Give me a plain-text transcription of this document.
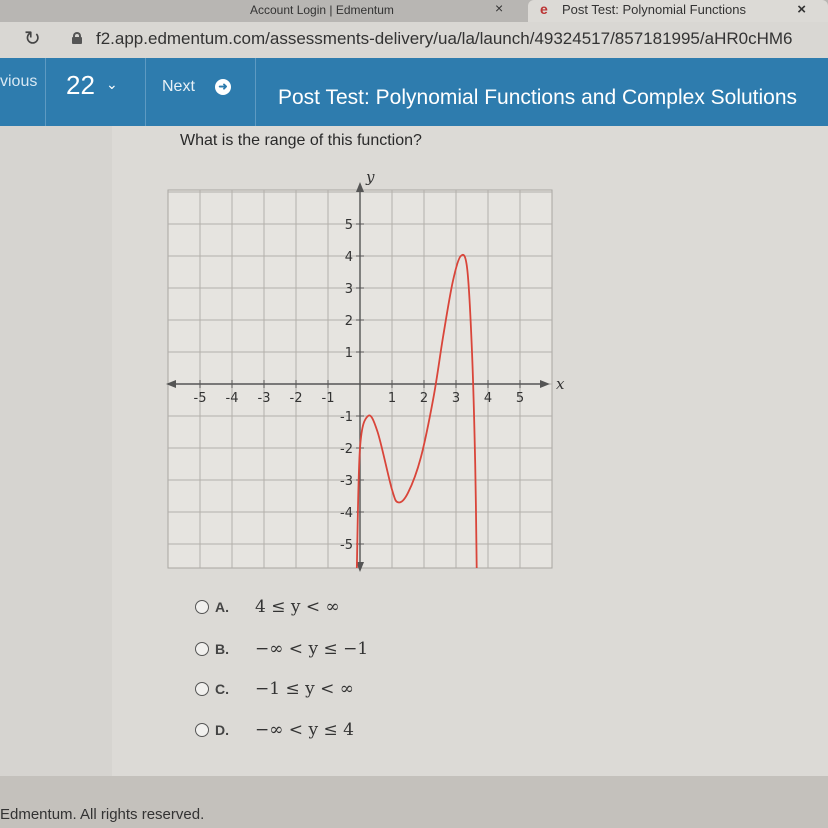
Account Login | Edmentum	×	e	Post Test: Polynomial Functions	×
↻	f2.app.edmentum.com/assessments-delivery/ua/la/launch/49324517/857181995/aHR0cHM6
vious 22 ⌄	Next	➜ Post Test: Polynomial Functions and Complex Solutions
What is the range of this function?
-5 -4 -3 -2 -1	1 2 3 4 5
5
4
3
2
1
-1
-2
-3
-4
-5
x
y
A. 4 ≤ y < ∞
B. −∞ < y ≤ −1
C. −1 ≤ y < ∞
D. −∞ < y ≤ 4
Edmentum. All rights reserved.
